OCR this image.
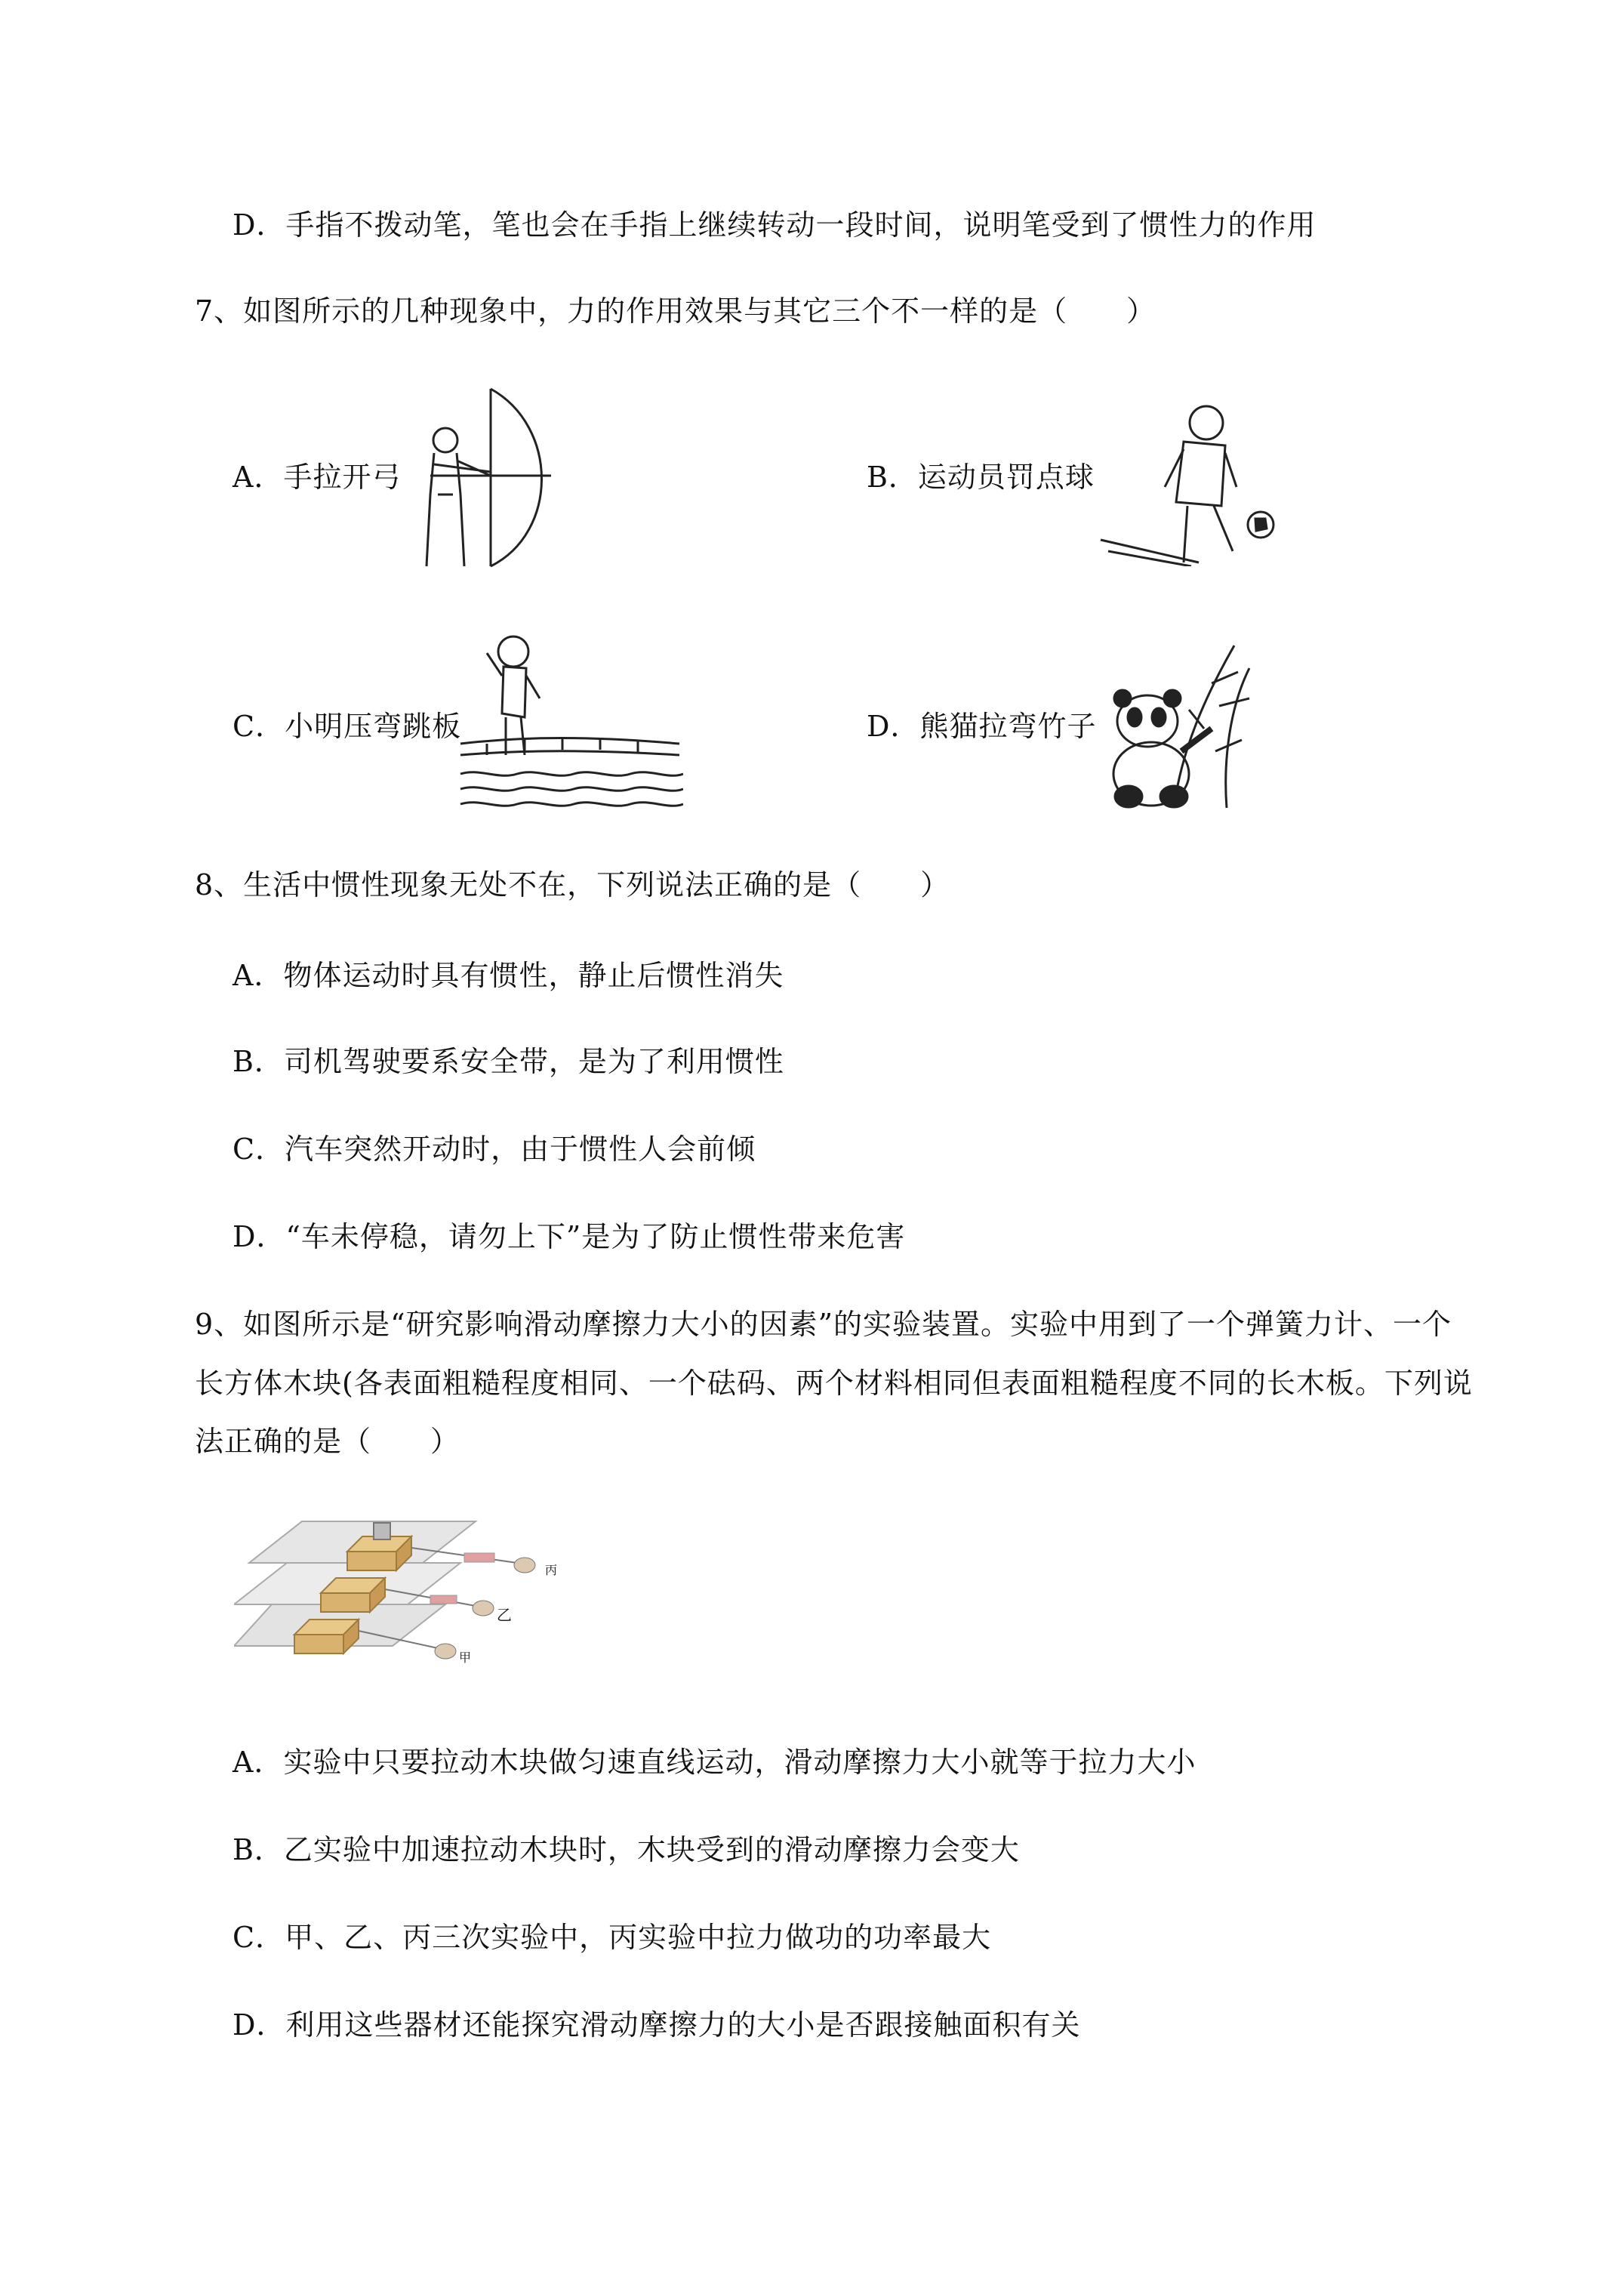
D．手指不拨动笔，笔也会在手指上继续转动一段时间，说明笔受到了惯性力的作用
7、如图所示的几种现象中，力的作用效果与其它三个不一样的是（　　）
A．手拉开弓	B．运动员罚点球
C．小明压弯跳板	D．熊猫拉弯竹子
8、生活中惯性现象无处不在，下列说法正确的是（　　）
A．物体运动时具有惯性，静止后惯性消失
B．司机驾驶要系安全带，是为了利用惯性
C．汽车突然开动时，由于惯性人会前倾
D．“车未停稳，请勿上下”是为了防止惯性带来危害
9、如图所示是“研究影响滑动摩擦力大小的因素”的实验装置。实验中用到了一个弹簧力计、一个
长方体木块(各表面粗糙程度相同、一个砝码、两个材料相同但表面粗糙程度不同的长木板。下列说
法正确的是（　　）
丙
乙
甲
A．实验中只要拉动木块做匀速直线运动，滑动摩擦力大小就等于拉力大小
B．乙实验中加速拉动木块时，木块受到的滑动摩擦力会变大
C．甲、乙、丙三次实验中，丙实验中拉力做功的功率最大
D．利用这些器材还能探究滑动摩擦力的大小是否跟接触面积有关
